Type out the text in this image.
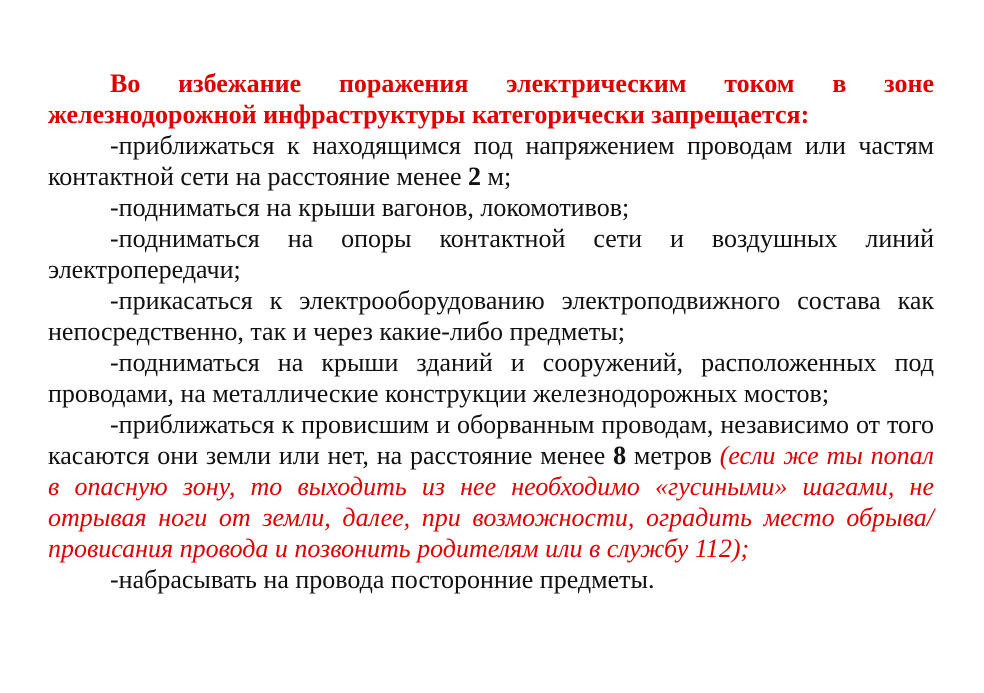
Во избежание поражения электрическим током в зоне железнодорожной инфраструктуры категорически запрещается:

-приближаться к находящимся под напряжением проводам или частям контактной сети на расстояние менее 2 м;

-подниматься на крыши вагонов, локомотивов;

-подниматься на опоры контактной сети и воздушных линий электропередачи;

-прикасаться к электрооборудованию электроподвижного состава как непосредственно, так и через какие-либо предметы;

-подниматься на крыши зданий и сооружений, расположенных под проводами, на металлические конструкции железнодорожных мостов;

-приближаться к провисшим и оборванным проводам, независимо от того касаются они земли или нет, на расстояние менее 8 метров (если же ты попал в опасную зону, то выходить из нее необходимо «гусиными» шагами, не отрывая ноги от земли, далее, при возможности, оградить место обрыва/ провисания провода и позвонить родителям или в службу 112);

-набрасывать на провода посторонние предметы.
